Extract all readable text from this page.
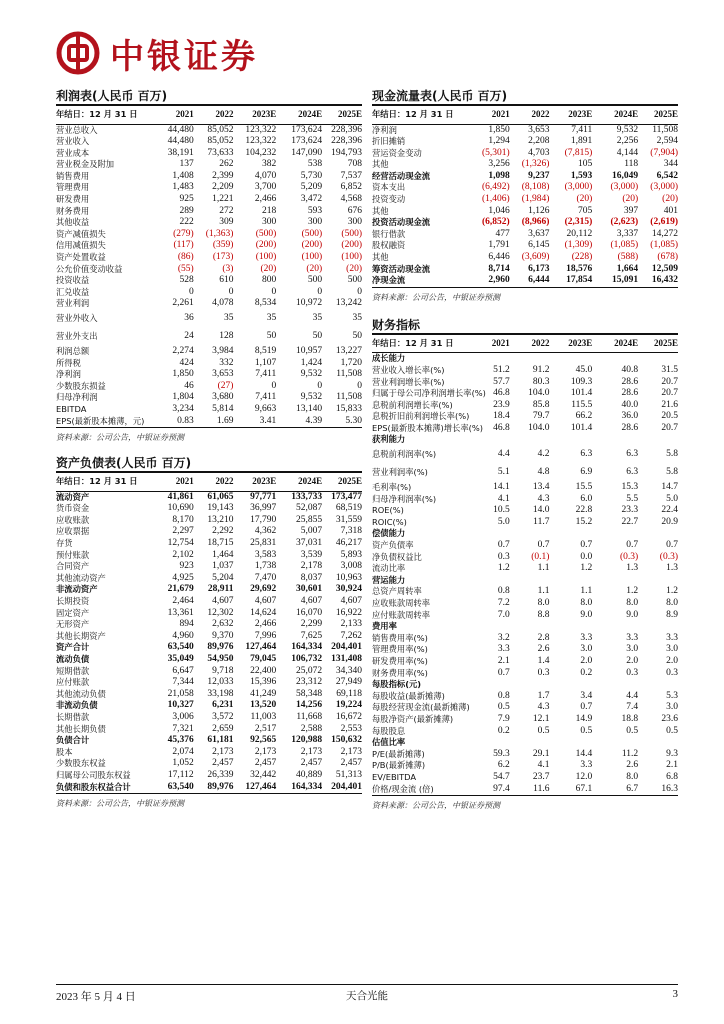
中银证券
利润表(人民币 百万)
年结日：12 月 31 日	2021	2022	2023E	2024E	2025E
营业总收入	44,480	85,052	123,322	173,624	228,396
营业收入	44,480	85,052	123,322	173,624	228,396
营业成本	38,191	73,633	104,232	147,090	194,793
营业税金及附加	137	262	382	538	708
销售费用	1,408	2,399	4,070	5,730	7,537
管理费用	1,483	2,209	3,700	5,209	6,852
研发费用	925	1,221	2,466	3,472	4,568
财务费用	289	272	218	593	676
其他收益	222	309	300	300	300
资产减值损失	(279)	(1,363)	(500)	(500)	(500)
信用减值损失	(117)	(359)	(200)	(200)	(200)
资产处置收益	(86)	(173)	(100)	(100)	(100)
公允价值变动收益	(55)	(3)	(20)	(20)	(20)
投资收益	528	610	800	500	500
汇兑收益	0	0	0	0	0
营业利润	2,261	4,078	8,534	10,972	13,242
营业外收入	36	35	35	35	35
营业外支出	24	128	50	50	50
利润总额	2,274	3,984	8,519	10,957	13,227
所得税	424	332	1,107	1,424	1,720
净利润	1,850	3,653	7,411	9,532	11,508
少数股东损益	46	(27)	0	0	0
归母净利润	1,804	3,680	7,411	9,532	11,508
EBITDA	3,234	5,814	9,663	13,140	15,833
EPS(最新股本摊薄，元)	0.83	1.69	3.41	4.39	5.30
资料来源：公司公告，中银证券预测
资产负债表(人民币 百万)
年结日：12 月 31 日	2021	2022	2023E	2024E	2025E
流动资产	41,861	61,065	97,771	133,733	173,477
货币资金	10,690	19,143	36,997	52,087	68,519
应收账款	8,170	13,210	17,790	25,855	31,559
应收票据	2,297	2,292	4,362	5,007	7,318
存货	12,754	18,715	25,831	37,031	46,217
预付账款	2,102	1,464	3,583	3,539	5,893
合同资产	923	1,037	1,738	2,178	3,008
其他流动资产	4,925	5,204	7,470	8,037	10,963
非流动资产	21,679	28,911	29,692	30,601	30,924
长期投资	2,464	4,607	4,607	4,607	4,607
固定资产	13,361	12,302	14,624	16,070	16,922
无形资产	894	2,632	2,466	2,299	2,133
其他长期资产	4,960	9,370	7,996	7,625	7,262
资产合计	63,540	89,976	127,464	164,334	204,401
流动负债	35,049	54,950	79,045	106,732	131,408
短期借款	6,647	9,718	22,400	25,072	34,340
应付账款	7,344	12,033	15,396	23,312	27,949
其他流动负债	21,058	33,198	41,249	58,348	69,118
非流动负债	10,327	6,231	13,520	14,256	19,224
长期借款	3,006	3,572	11,003	11,668	16,672
其他长期负债	7,321	2,659	2,517	2,588	2,553
负债合计	45,376	61,181	92,565	120,988	150,632
股本	2,074	2,173	2,173	2,173	2,173
少数股东权益	1,052	2,457	2,457	2,457	2,457
归属母公司股东权益	17,112	26,339	32,442	40,889	51,313
负债和股东权益合计	63,540	89,976	127,464	164,334	204,401
资料来源：公司公告，中银证券预测
现金流量表(人民币 百万)
年结日：12 月 31 日	2021	2022	2023E	2024E	2025E
净利润	1,850	3,653	7,411	9,532	11,508
折旧摊销	1,294	2,208	1,891	2,256	2,594
营运资金变动	(5,301)	4,703	(7,815)	4,144	(7,904)
其他	3,256	(1,326)	105	118	344
经营活动现金流	1,098	9,237	1,593	16,049	6,542
资本支出	(6,492)	(8,108)	(3,000)	(3,000)	(3,000)
投资变动	(1,406)	(1,984)	(20)	(20)	(20)
其他	1,046	1,126	705	397	401
投资活动现金流	(6,852)	(8,966)	(2,315)	(2,623)	(2,619)
银行借款	477	3,637	20,112	3,337	14,272
股权融资	1,791	6,145	(1,309)	(1,085)	(1,085)
其他	6,446	(3,609)	(228)	(588)	(678)
筹资活动现金流	8,714	6,173	18,576	1,664	12,509
净现金流	2,960	6,444	17,854	15,091	16,432
资料来源：公司公告，中银证券预测
财务指标
年结日：12 月 31 日	2021	2022	2023E	2024E	2025E
成长能力					
营业收入增长率(%)	51.2	91.2	45.0	40.8	31.5
营业利润增长率(%)	57.7	80.3	109.3	28.6	20.7
归属于母公司净利润增长率(%)	46.8	104.0	101.4	28.6	20.7
息税前利润增长率(%)	23.9	85.8	115.5	40.0	21.6
息税折旧前利润增长率(%)	18.4	79.7	66.2	36.0	20.5
EPS(最新股本摊薄)增长率(%)	46.8	104.0	101.4	28.6	20.7
获利能力					
息税前利润率(%)	4.4	4.2	6.3	6.3	5.8
营业利润率(%)	5.1	4.8	6.9	6.3	5.8
毛利率(%)	14.1	13.4	15.5	15.3	14.7
归母净利润率(%)	4.1	4.3	6.0	5.5	5.0
ROE(%)	10.5	14.0	22.8	23.3	22.4
ROIC(%)	5.0	11.7	15.2	22.7	20.9
偿债能力					
资产负债率	0.7	0.7	0.7	0.7	0.7
净负债权益比	0.3	(0.1)	0.0	(0.3)	(0.3)
流动比率	1.2	1.1	1.2	1.3	1.3
营运能力					
总资产周转率	0.8	1.1	1.1	1.2	1.2
应收账款周转率	7.2	8.0	8.0	8.0	8.0
应付账款周转率	7.0	8.8	9.0	9.0	8.9
费用率					
销售费用率(%)	3.2	2.8	3.3	3.3	3.3
管理费用率(%)	3.3	2.6	3.0	3.0	3.0
研发费用率(%)	2.1	1.4	2.0	2.0	2.0
财务费用率(%)	0.7	0.3	0.2	0.3	0.3
每股指标(元)					
每股收益(最新摊薄)	0.8	1.7	3.4	4.4	5.3
每股经营现金流(最新摊薄)	0.5	4.3	0.7	7.4	3.0
每股净资产(最新摊薄)	7.9	12.1	14.9	18.8	23.6
每股股息	0.2	0.5	0.5	0.5	0.5
估值比率					
P/E(最新摊薄)	59.3	29.1	14.4	11.2	9.3
P/B(最新摊薄)	6.2	4.1	3.3	2.6	2.1
EV/EBITDA	54.7	23.7	12.0	8.0	6.8
价格/现金流 (倍)	97.4	11.6	67.1	6.7	16.3
资料来源：公司公告，中银证券预测
2023 年 5 月 4 日	天合光能	3
